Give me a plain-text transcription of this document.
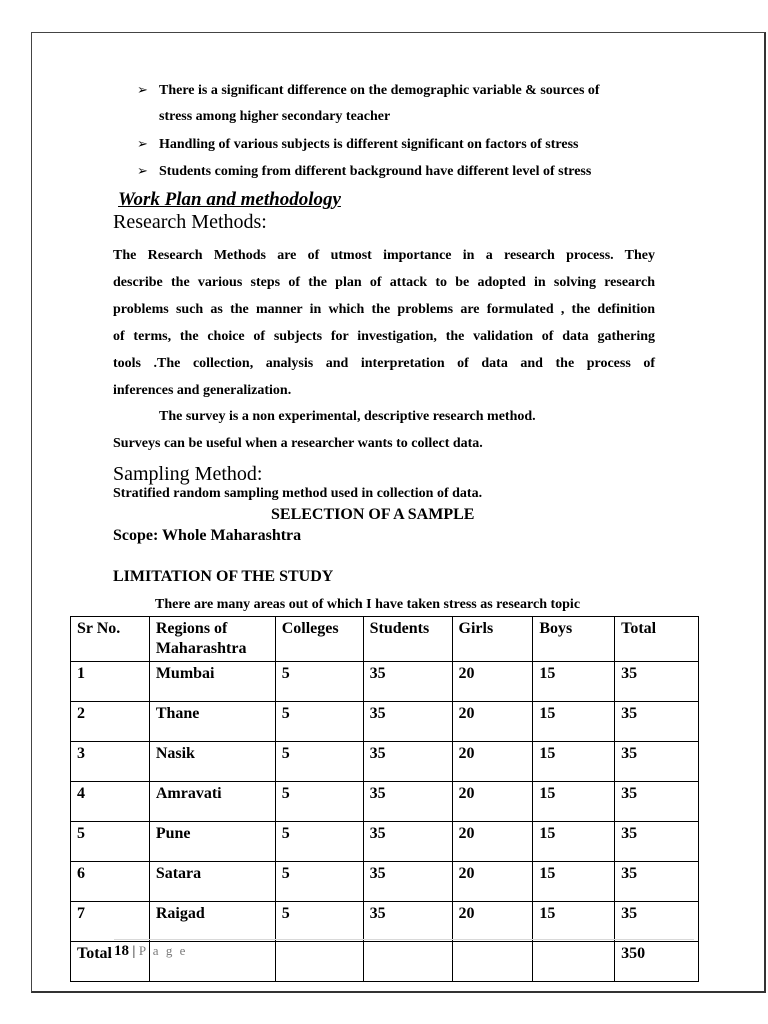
➢ There is a significant difference on the demographic variable & sources of
stress among higher secondary teacher
➢ Handling of various subjects is different significant on factors of stress
➢ Students coming from different background have different level of stress
Work Plan and methodology
Research Methods:
The Research Methods are of utmost importance in a research process. They
describe the various steps of the plan of attack to be adopted in solving research
problems such as the manner in which the problems are formulated , the definition
of terms, the choice of subjects for investigation, the validation of data gathering
tools .The collection, analysis and interpretation of data and the process of
inferences and generalization.
The survey is a non experimental, descriptive research method.
Surveys can be useful when a researcher wants to collect data.
Sampling Method:
Stratified random sampling method used in collection of data.
SELECTION OF A SAMPLE
Scope: Whole Maharashtra
LIMITATION OF THE STUDY
There are many areas out of which I have taken stress as research topic
Sr No.	Regions of
Maharashtra	Colleges	Students	Girls	Boys	Total
1	Mumbai	5	35	20	15	35
2	Thane	5	35	20	15	35
3	Nasik	5	35	20	15	35
4	Amravati	5	35	20	15	35
5	Pune	5	35	20	15	35
6	Satara	5	35	20	15	35
7	Raigad	5	35	20	15	35
Total						350
18 | P a g e
